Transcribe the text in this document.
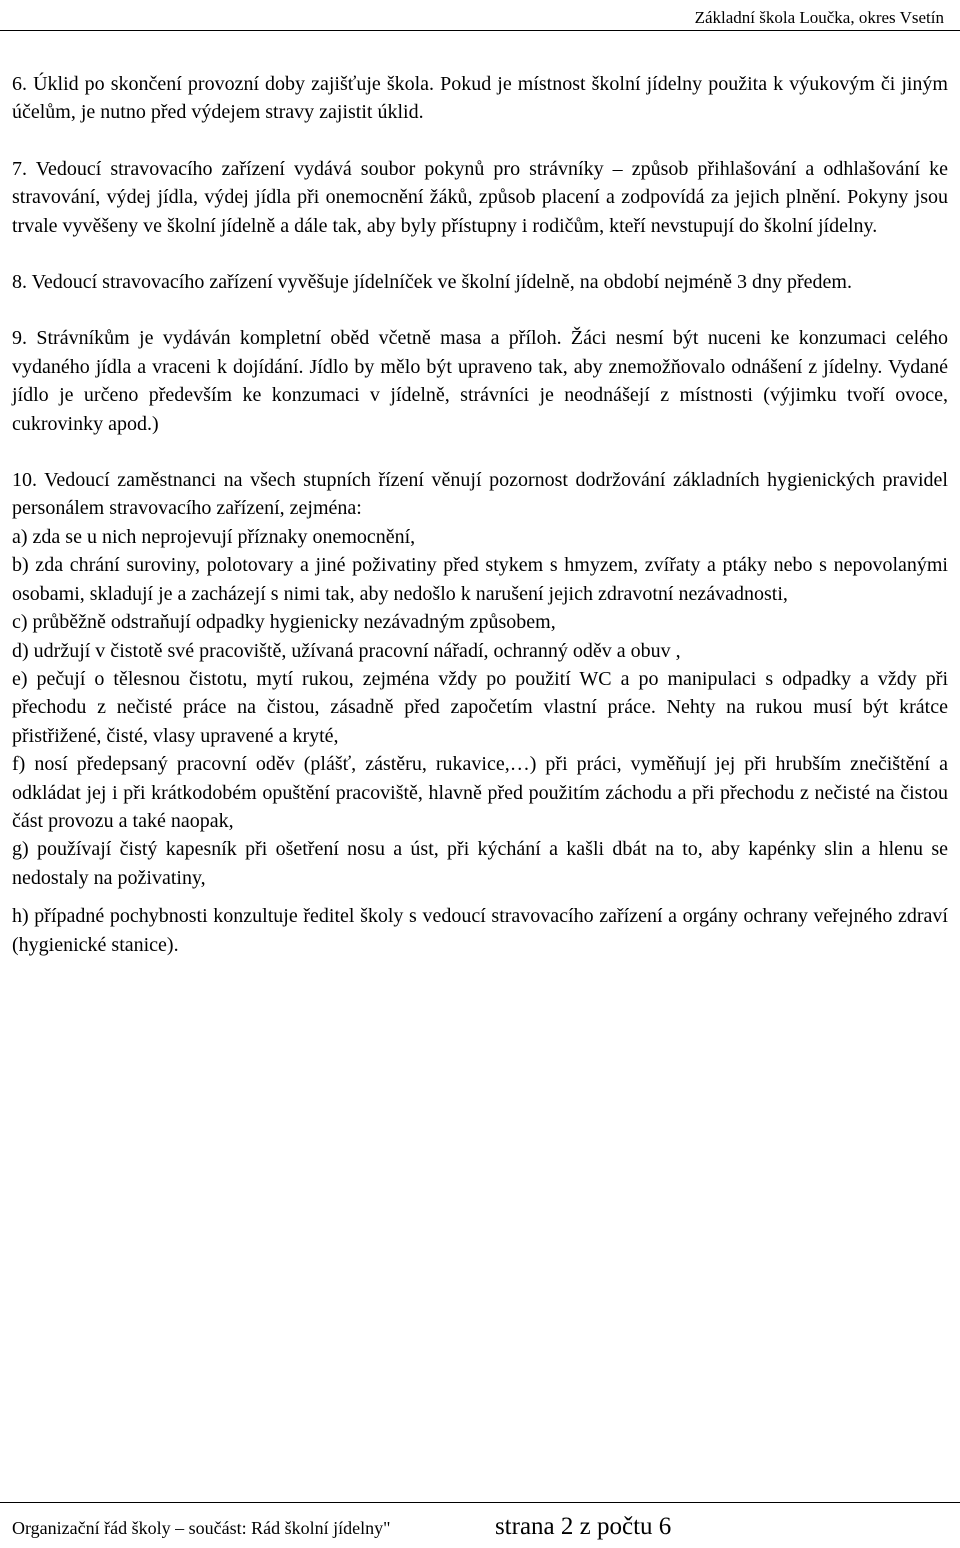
Základní škola Loučka, okres Vsetín

6. Úklid po skončení provozní doby zajišťuje škola. Pokud je místnost školní jídelny použita k výukovým či jiným účelům, je nutno před výdejem stravy zajistit úklid.

7. Vedoucí stravovacího zařízení vydává soubor pokynů pro strávníky – způsob přihlašování a odhlašování ke stravování, výdej jídla, výdej jídla při onemocnění žáků, způsob placení a zodpovídá za jejich plnění. Pokyny jsou trvale vyvěšeny ve školní jídelně a dále tak, aby byly přístupny i rodičům, kteří nevstupují do školní jídelny.

8. Vedoucí stravovacího zařízení vyvěšuje jídelníček ve školní jídelně, na období nejméně 3 dny předem.

9. Strávníkům je vydáván kompletní oběd včetně masa a příloh. Žáci nesmí být nuceni ke konzumaci celého vydaného jídla a vraceni k dojídání. Jídlo by mělo být upraveno tak, aby znemožňovalo odnášení z jídelny. Vydané jídlo je určeno především ke konzumaci v jídelně, strávníci je neodnášejí z místnosti (výjimku tvoří ovoce, cukrovinky apod.)

10. Vedoucí zaměstnanci na všech stupních řízení věnují pozornost dodržování základních hygienických pravidel personálem stravovacího zařízení, zejména:

a) zda se u nich neprojevují příznaky onemocnění,

b) zda chrání suroviny, polotovary a jiné poživatiny před stykem s hmyzem, zvířaty a ptáky nebo s nepovolanými osobami, skladují je a zacházejí s nimi tak, aby nedošlo k narušení jejich zdravotní nezávadnosti,

c) průběžně odstraňují odpadky hygienicky nezávadným způsobem,

d) udržují v čistotě své pracoviště, užívaná pracovní nářadí, ochranný oděv a obuv ,

e) pečují o tělesnou čistotu, mytí rukou, zejména vždy po použití WC a po manipulaci s odpadky a vždy při přechodu z nečisté práce na čistou, zásadně před započetím vlastní práce. Nehty na rukou musí být krátce přistřižené, čisté, vlasy upravené a kryté,

f) nosí předepsaný pracovní oděv (plášť, zástěru, rukavice,…) při práci, vyměňují jej při hrubším znečištění a odkládat jej i při krátkodobém opuštění pracoviště, hlavně před použitím záchodu a při přechodu z nečisté na čistou část provozu a také naopak,

g) používají čistý kapesník při ošetření nosu a úst, při kýchání a kašli dbát na to, aby kapénky slin a hlenu se nedostaly na poživatiny,

h) případné pochybnosti konzultuje ředitel školy s vedoucí stravovacího zařízení a orgány ochrany veřejného zdraví (hygienické stanice).

Organizační řád školy – součást: Rád školní jídelny"	strana 2 z počtu 6
